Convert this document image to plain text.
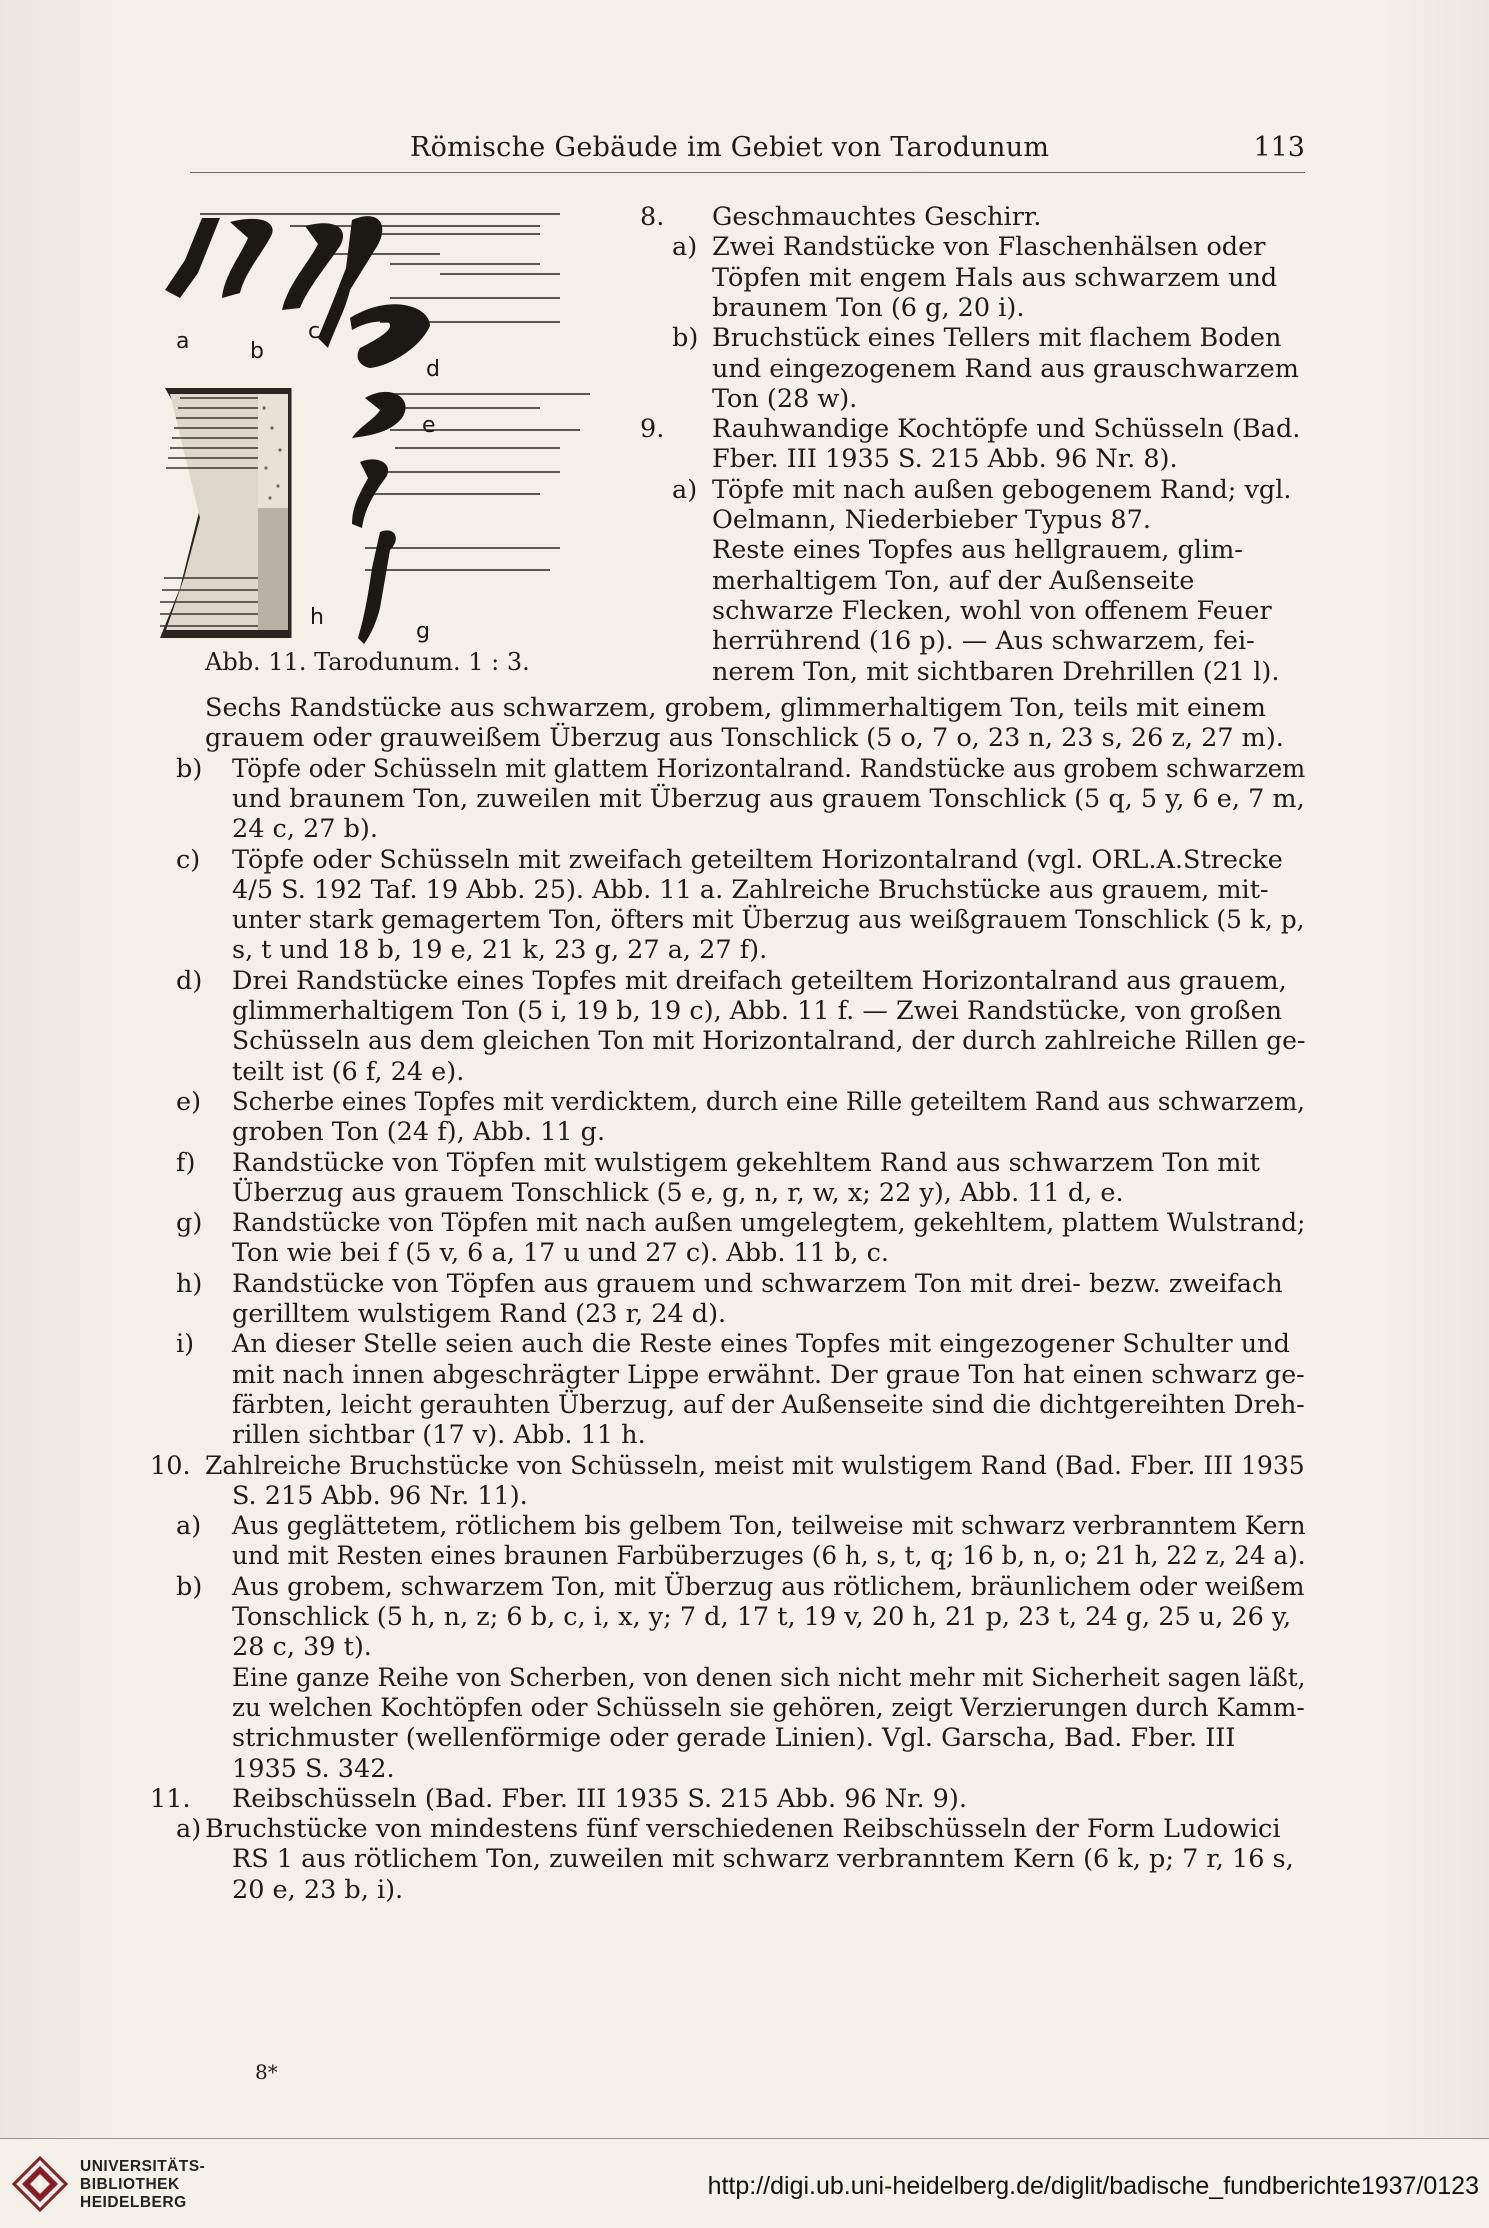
Römische Gebäude im Gebiet von Tarodunum	113
a	b
c
d
e
h
g
Abb. 11. Tarodunum. 1 : 3.
8. Geschmauchtes Geschirr.
a) Zwei Randstücke von Flaschenhälsen oder
Töpfen mit engem Hals aus schwarzem und
braunem Ton (6 g, 20 i).
b) Bruchstück eines Tellers mit flachem Boden
und eingezogenem Rand aus grauschwarzem
Ton (28 w).
9. Rauhwandige Kochtöpfe und Schüsseln (Bad.
Fber. III 1935 S. 215 Abb. 96 Nr. 8).
a) Töpfe mit nach außen gebogenem Rand; vgl.
Oelmann, Niederbieber Typus 87.
Reste eines Topfes aus hellgrauem, glim-
merhaltigem Ton, auf der Außenseite
schwarze Flecken, wohl von offenem Feuer
herrührend (16 p). — Aus schwarzem, fei-
nerem Ton, mit sichtbaren Drehrillen (21 l).
Sechs Randstücke aus schwarzem, grobem, glimmerhaltigem Ton, teils mit einem
grauem oder grauweißem Überzug aus Tonschlick (5 o, 7 o, 23 n, 23 s, 26 z, 27 m).
b) Töpfe oder Schüsseln mit glattem Horizontalrand. Randstücke aus grobem schwarzem
und braunem Ton, zuweilen mit Überzug aus grauem Tonschlick (5 q, 5 y, 6 e, 7 m,
24 c, 27 b).
c) Töpfe oder Schüsseln mit zweifach geteiltem Horizontalrand (vgl. ORL.A.Strecke
4/5 S. 192 Taf. 19 Abb. 25). Abb. 11 a. Zahlreiche Bruchstücke aus grauem, mit-
unter stark gemagertem Ton, öfters mit Überzug aus weißgrauem Tonschlick (5 k, p,
s, t und 18 b, 19 e, 21 k, 23 g, 27 a, 27 f).
d) Drei Randstücke eines Topfes mit dreifach geteiltem Horizontalrand aus grauem,
glimmerhaltigem Ton (5 i, 19 b, 19 c), Abb. 11 f. — Zwei Randstücke, von großen
Schüsseln aus dem gleichen Ton mit Horizontalrand, der durch zahlreiche Rillen ge-
teilt ist (6 f, 24 e).
e) Scherbe eines Topfes mit verdicktem, durch eine Rille geteiltem Rand aus schwarzem,
groben Ton (24 f), Abb. 11 g.
f) Randstücke von Töpfen mit wulstigem gekehltem Rand aus schwarzem Ton mit
Überzug aus grauem Tonschlick (5 e, g, n, r, w, x; 22 y), Abb. 11 d, e.
g) Randstücke von Töpfen mit nach außen umgelegtem, gekehltem, plattem Wulstrand;
Ton wie bei f (5 v, 6 a, 17 u und 27 c). Abb. 11 b, c.
h) Randstücke von Töpfen aus grauem und schwarzem Ton mit drei- bezw. zweifach
gerilltem wulstigem Rand (23 r, 24 d).
i) An dieser Stelle seien auch die Reste eines Topfes mit eingezogener Schulter und
mit nach innen abgeschrägter Lippe erwähnt. Der graue Ton hat einen schwarz ge-
färbten, leicht gerauhten Überzug, auf der Außenseite sind die dichtgereihten Dreh-
rillen sichtbar (17 v). Abb. 11 h.
10. Zahlreiche Bruchstücke von Schüsseln, meist mit wulstigem Rand (Bad. Fber. III 1935
S. 215 Abb. 96 Nr. 11).
a) Aus geglättetem, rötlichem bis gelbem Ton, teilweise mit schwarz verbranntem Kern
und mit Resten eines braunen Farbüberzuges (6 h, s, t, q; 16 b, n, o; 21 h, 22 z, 24 a).
b) Aus grobem, schwarzem Ton, mit Überzug aus rötlichem, bräunlichem oder weißem
Tonschlick (5 h, n, z; 6 b, c, i, x, y; 7 d, 17 t, 19 v, 20 h, 21 p, 23 t, 24 g, 25 u, 26 y,
28 c, 39 t).
Eine ganze Reihe von Scherben, von denen sich nicht mehr mit Sicherheit sagen läßt,
zu welchen Kochtöpfen oder Schüsseln sie gehören, zeigt Verzierungen durch Kamm-
strichmuster (wellenförmige oder gerade Linien). Vgl. Garscha, Bad. Fber. III
1935 S. 342.
11. Reibschüsseln (Bad. Fber. III 1935 S. 215 Abb. 96 Nr. 9).
a) Bruchstücke von mindestens fünf verschiedenen Reibschüsseln der Form Ludowici
RS 1 aus rötlichem Ton, zuweilen mit schwarz verbranntem Kern (6 k, p; 7 r, 16 s,
20 e, 23 b, i).
8*
UNIVERSITÄTS-
BIBLIOTHEK
HEIDELBERG
http://digi.ub.uni-heidelberg.de/diglit/badische_fundberichte1937/0123
